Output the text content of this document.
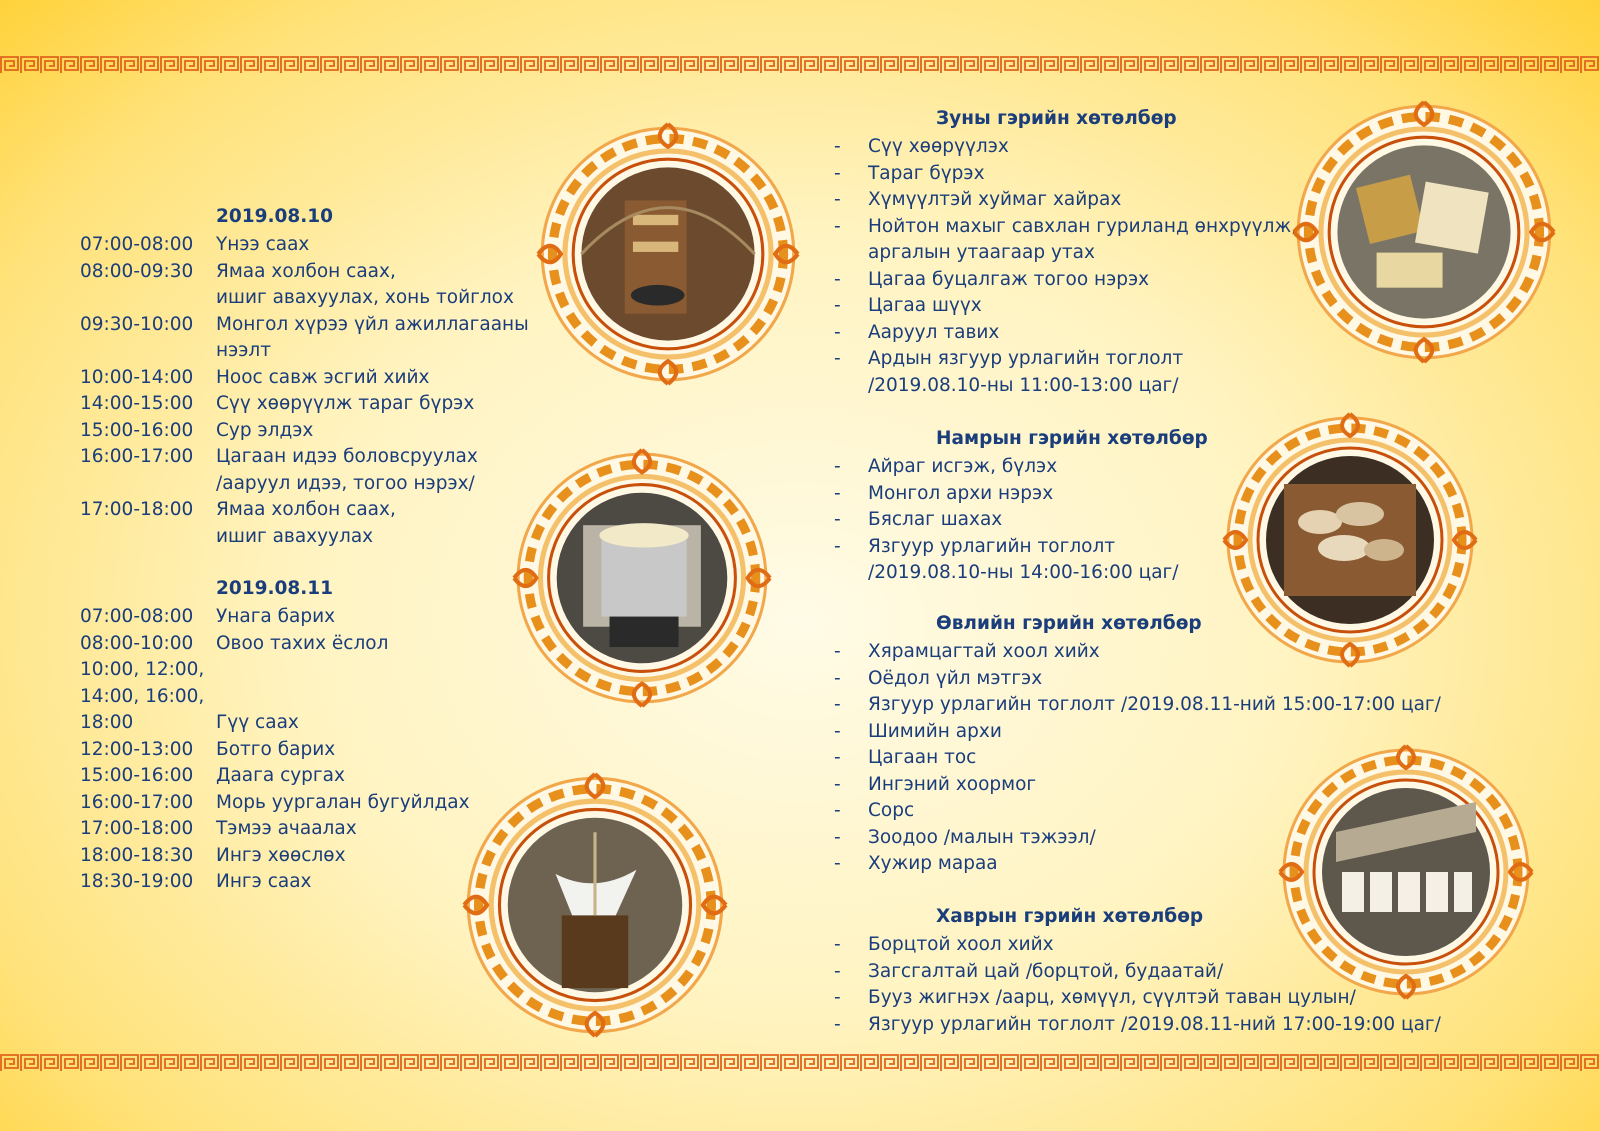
2019.08.10
07:00-08:00	Үнээ саах
08:00-09:30	Ямаа холбон саах,
ишиг авахуулах, хонь тойглох
09:30-10:00	Монгол хүрээ үйл ажиллагааны
нээлт
10:00-14:00	Ноос савж эсгий хийх
14:00-15:00	Сүү хөөрүүлж тараг бүрэх
15:00-16:00	Сур элдэх
16:00-17:00	Цагаан идээ боловсруулах
/ааруул идээ, тогоо нэрэх/
17:00-18:00	Ямаа холбон саах,
ишиг авахуулах
2019.08.11
07:00-08:00	Унага барих
08:00-10:00	Овоо тахих ёслол
10:00, 12:00,
14:00, 16:00,
18:00	

Гүү саах
12:00-13:00	Ботго барих
15:00-16:00	Даага сургах
16:00-17:00	Морь уургалан бугуйлдах
17:00-18:00	Тэмээ ачаалах
18:00-18:30	Ингэ хөөслөх
18:30-19:00	Ингэ саах
Зуны гэрийн хөтөлбөр
- Сүү хөөрүүлэх
- Тараг бүрэх
- Хүмүүлтэй хуймаг хайрах
- Нойтон махыг савхлан гуриланд өнхрүүлж,
аргалын утаагаар утах
- Цагаа буцалгаж тогоо нэрэх
- Цагаа шүүх
- Ааруул тавих
- Ардын язгуур урлагийн тоглолт
/2019.08.10-ны 11:00-13:00 цаг/
Намрын гэрийн хөтөлбөр
- Айраг исгэж, бүлэх
- Монгол архи нэрэх
- Бяслаг шахах
- Язгуур урлагийн тоглолт
/2019.08.10-ны 14:00-16:00 цаг/
Өвлийн гэрийн хөтөлбөр
- Хярамцагтай хоол хийх
- Оёдол үйл мэтгэх
- Язгуур урлагийн тоглолт /2019.08.11-ний 15:00-17:00 цаг/
- Шимийн архи
- Цагаан тос
- Ингэний хоормог
- Сорс
- Зоодоо /малын тэжээл/
- Хужир мараа
Хаврын гэрийн хөтөлбөр
- Борцтой хоол хийх
- Загсгалтай цай /борцтой, будаатай/
- Бууз жигнэх /аарц, хөмүүл, сүүлтэй таван цулын/
- Язгуур урлагийн тоглолт /2019.08.11-ний 17:00-19:00 цаг/
